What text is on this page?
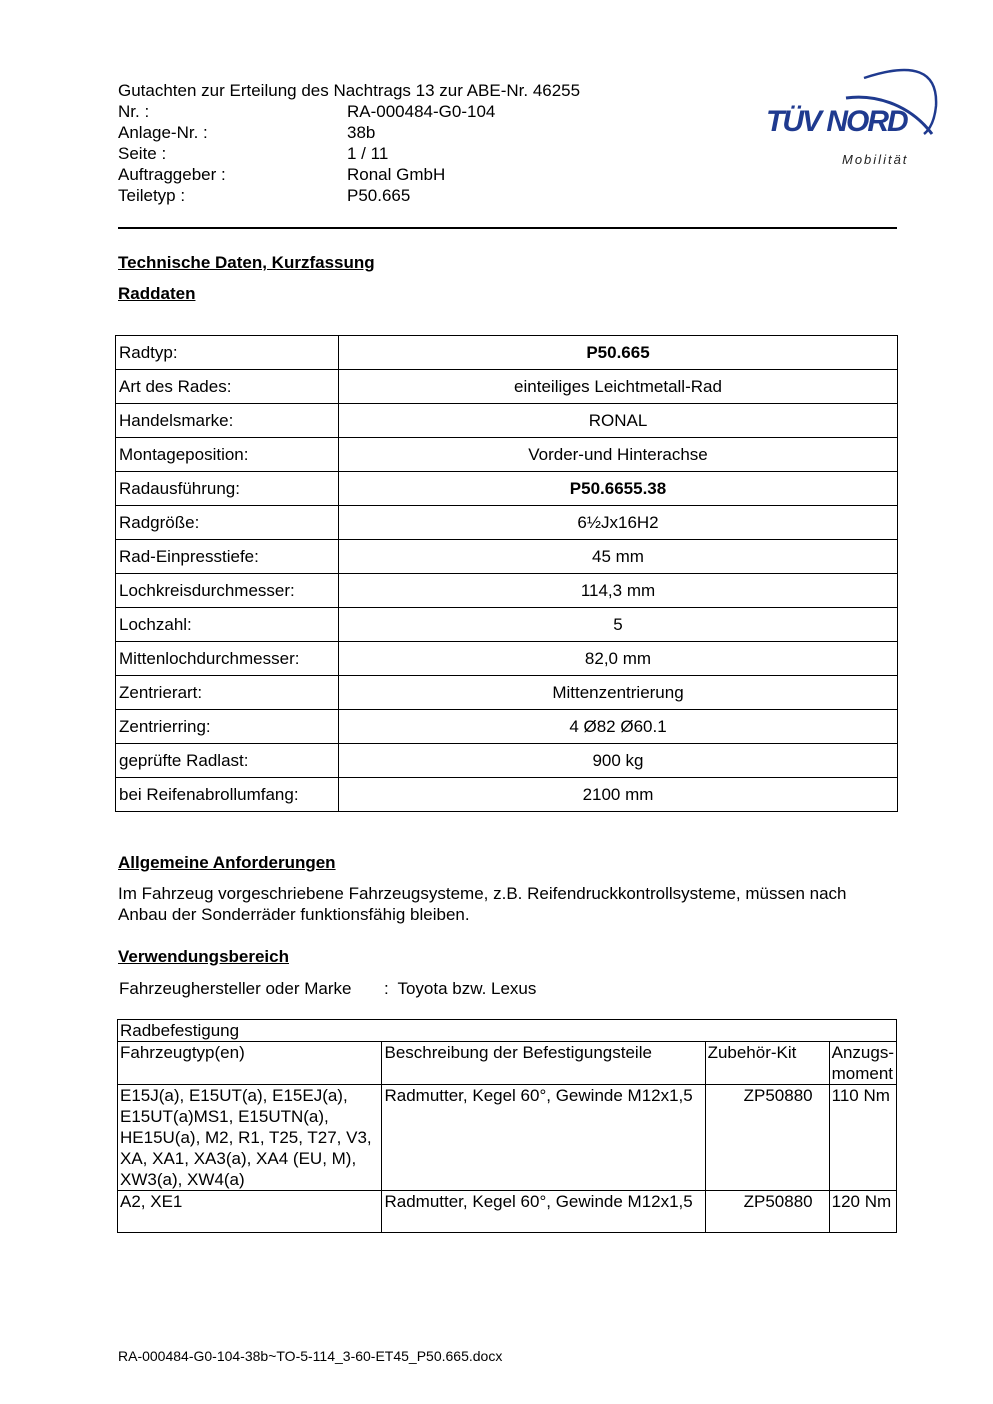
Gutachten zur Erteilung des Nachtrags 13 zur ABE-Nr. 46255
Nr. :	RA-000484-G0-104
Anlage-Nr. :	38b
Seite :	1 / 11
Auftraggeber :	Ronal GmbH
Teiletyp :	P50.665
TÜV NORD
Mobilität
Technische Daten, Kurzfassung
Raddaten
Radtyp:	P50.665
Art des Rades:	einteiliges Leichtmetall-Rad
Handelsmarke:	RONAL
Montageposition:	Vorder-und Hinterachse
Radausführung:	P50.6655.38
Radgröße:	6½Jx16H2
Rad-Einpresstiefe:	45 mm
Lochkreisdurchmesser:	114,3 mm
Lochzahl:	5
Mittenlochdurchmesser:	82,0 mm
Zentrierart:	Mittenzentrierung
Zentrierring:	4 Ø82 Ø60.1
geprüfte Radlast:	900 kg
bei Reifenabrollumfang:	2100 mm
Allgemeine Anforderungen
Im Fahrzeug vorgeschriebene Fahrzeugsysteme, z.B. Reifendruckkontrollsysteme, müssen nach Anbau der Sonderräder funktionsfähig bleiben.
Verwendungsbereich
Fahrzeughersteller oder Marke : Toyota bzw. Lexus
Radbefestigung			
Fahrzeugtyp(en)	Beschreibung der Befestigungsteile	Zubehör-Kit	Anzugs-
moment
E15J(a), E15UT(a), E15EJ(a), E15UT(a)MS1, E15UTN(a), HE15U(a), M2, R1, T25, T27, V3, XA, XA1, XA3(a), XA4 (EU, M), XW3(a), XW4(a)	Radmutter, Kegel 60°, Gewinde M12x1,5	ZP50880	110 Nm
A2, XE1	Radmutter, Kegel 60°, Gewinde M12x1,5	ZP50880	120 Nm
RA-000484-G0-104-38b~TO-5-114_3-60-ET45_P50.665.docx
